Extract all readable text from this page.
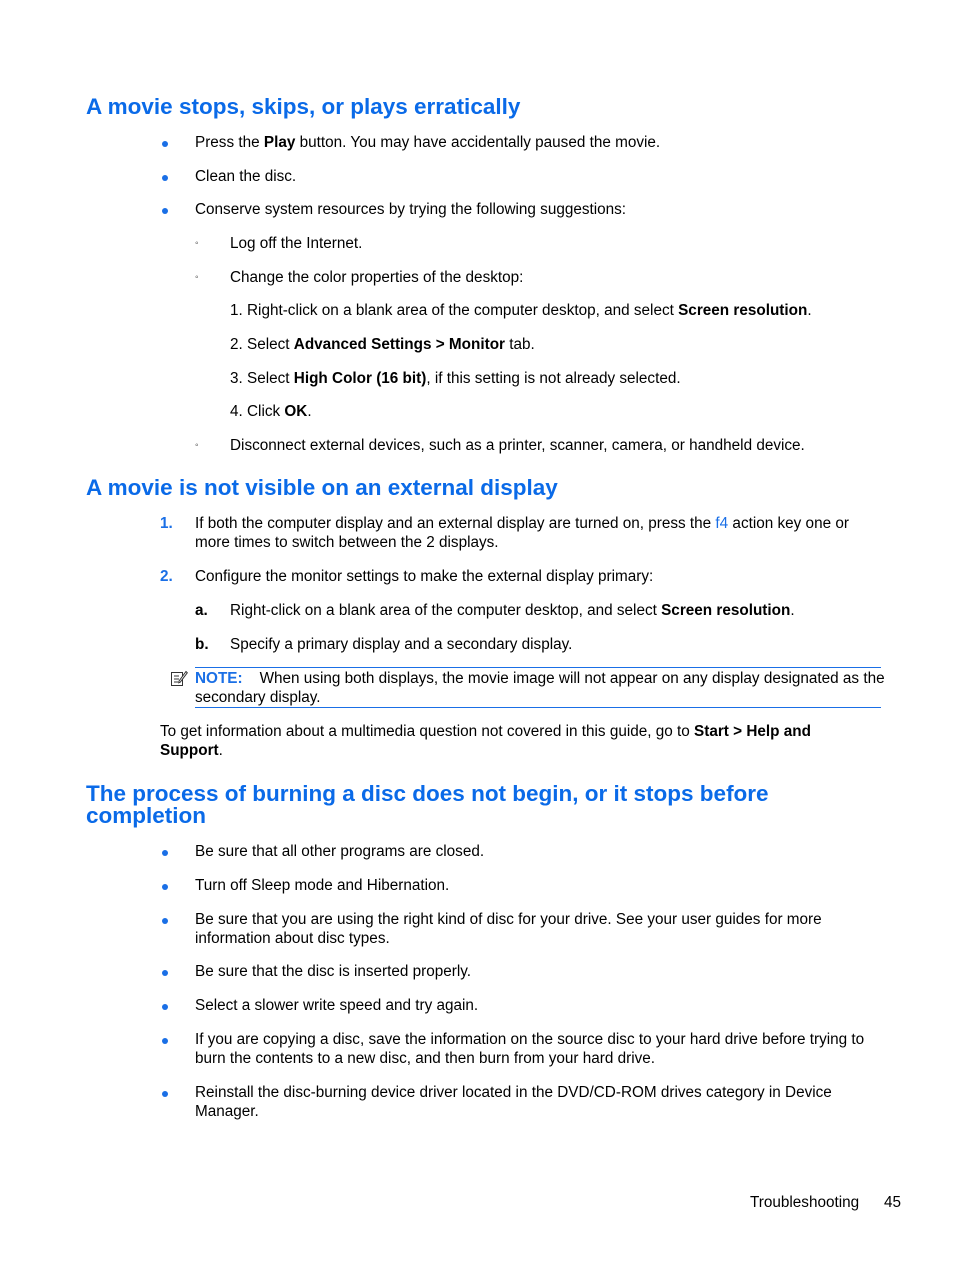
A movie stops, skips, or plays erratically
Press the Play button. You may have accidentally paused the movie.
Clean the disc.
Conserve system resources by trying the following suggestions:
◦ Log off the Internet.
◦ Change the color properties of the desktop:
1. Right-click on a blank area of the computer desktop, and select Screen resolution.
2. Select Advanced Settings > Monitor tab.
3. Select High Color (16 bit), if this setting is not already selected.
4. Click OK.
◦ Disconnect external devices, such as a printer, scanner, camera, or handheld device.
A movie is not visible on an external display
1. If both the computer display and an external display are turned on, press the f4 action key one or more times to switch between the 2 displays.
2. Configure the monitor settings to make the external display primary:
a. Right-click on a blank area of the computer desktop, and select Screen resolution.
b. Specify a primary display and a secondary display.
NOTE: When using both displays, the movie image will not appear on any display designated as the secondary display.
To get information about a multimedia question not covered in this guide, go to Start > Help and Support.
The process of burning a disc does not begin, or it stops before
completion
Be sure that all other programs are closed.
Turn off Sleep mode and Hibernation.
Be sure that you are using the right kind of disc for your drive. See your user guides for more information about disc types.
Be sure that the disc is inserted properly.
Select a slower write speed and try again.
If you are copying a disc, save the information on the source disc to your hard drive before trying to burn the contents to a new disc, and then burn from your hard drive.
Reinstall the disc-burning device driver located in the DVD/CD-ROM drives category in Device Manager.
Troubleshooting 45
